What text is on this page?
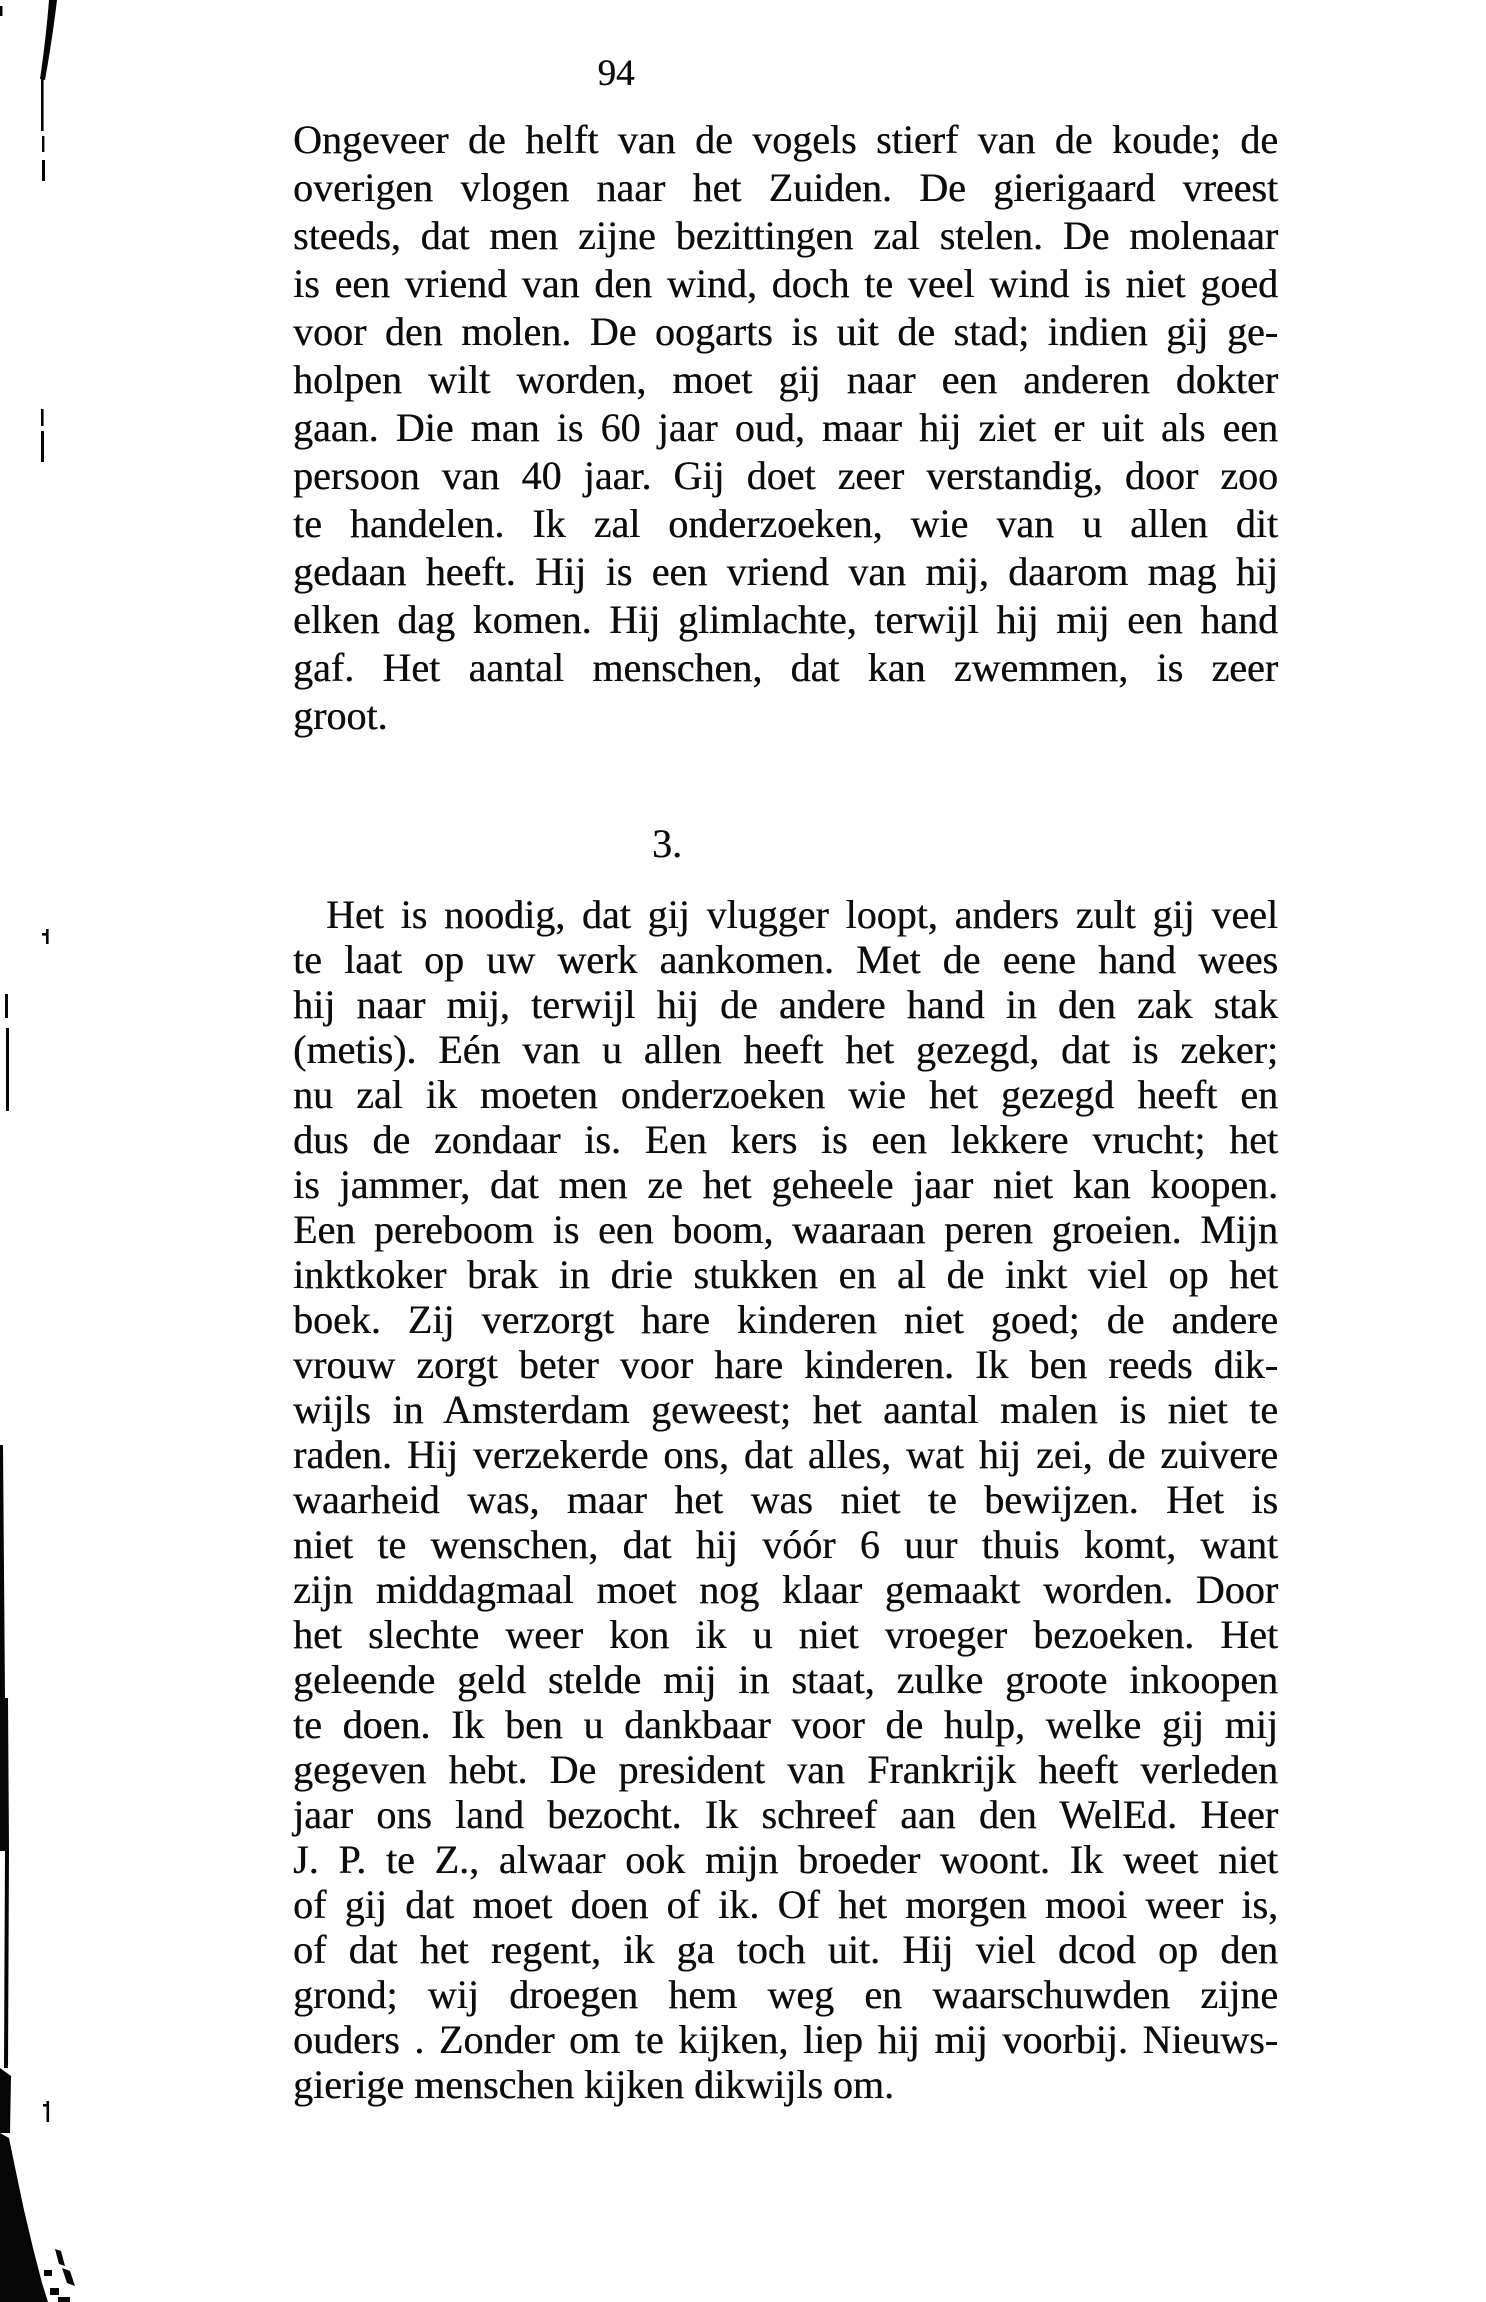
94
Ongeveer de helft van de vogels stierf van de koude; de
overigen vlogen naar het Zuiden. De gierigaard vreest
steeds, dat men zijne bezittingen zal stelen. De molenaar
is een vriend van den wind, doch te veel wind is niet goed
voor den molen. De oogarts is uit de stad; indien gij ge-
holpen wilt worden, moet gij naar een anderen dokter
gaan. Die man is 60 jaar oud, maar hij ziet er uit als een
persoon van 40 jaar. Gij doet zeer verstandig, door zoo
te handelen. Ik zal onderzoeken, wie van u allen dit
gedaan heeft. Hij is een vriend van mij, daarom mag hij
elken dag komen. Hij glimlachte, terwijl hij mij een hand
gaf. Het aantal menschen, dat kan zwemmen, is zeer
groot.
3.
Het is noodig, dat gij vlugger loopt, anders zult gij veel
te laat op uw werk aankomen. Met de eene hand wees
hij naar mij, terwijl hij de andere hand in den zak stak
(metis). Eén van u allen heeft het gezegd, dat is zeker;
nu zal ik moeten onderzoeken wie het gezegd heeft en
dus de zondaar is. Een kers is een lekkere vrucht; het
is jammer, dat men ze het geheele jaar niet kan koopen.
Een pereboom is een boom, waaraan peren groeien. Mijn
inktkoker brak in drie stukken en al de inkt viel op het
boek. Zij verzorgt hare kinderen niet goed; de andere
vrouw zorgt beter voor hare kinderen. Ik ben reeds dik-
wijls in Amsterdam geweest; het aantal malen is niet te
raden. Hij verzekerde ons, dat alles, wat hij zei, de zuivere
waarheid was, maar het was niet te bewijzen. Het is
niet te wenschen, dat hij vóór 6 uur thuis komt, want
zijn middagmaal moet nog klaar gemaakt worden. Door
het slechte weer kon ik u niet vroeger bezoeken. Het
geleende geld stelde mij in staat, zulke groote inkoopen
te doen. Ik ben u dankbaar voor de hulp, welke gij mij
gegeven hebt. De president van Frankrijk heeft verleden
jaar ons land bezocht. Ik schreef aan den WelEd. Heer
J. P. te Z., alwaar ook mijn broeder woont. Ik weet niet
of gij dat moet doen of ik. Of het morgen mooi weer is,
of dat het regent, ik ga toch uit. Hij viel dcod op den
grond; wij droegen hem weg en waarschuwden zijne
ouders . Zonder om te kijken, liep hij mij voorbij. Nieuws-
gierige menschen kijken dikwijls om.
